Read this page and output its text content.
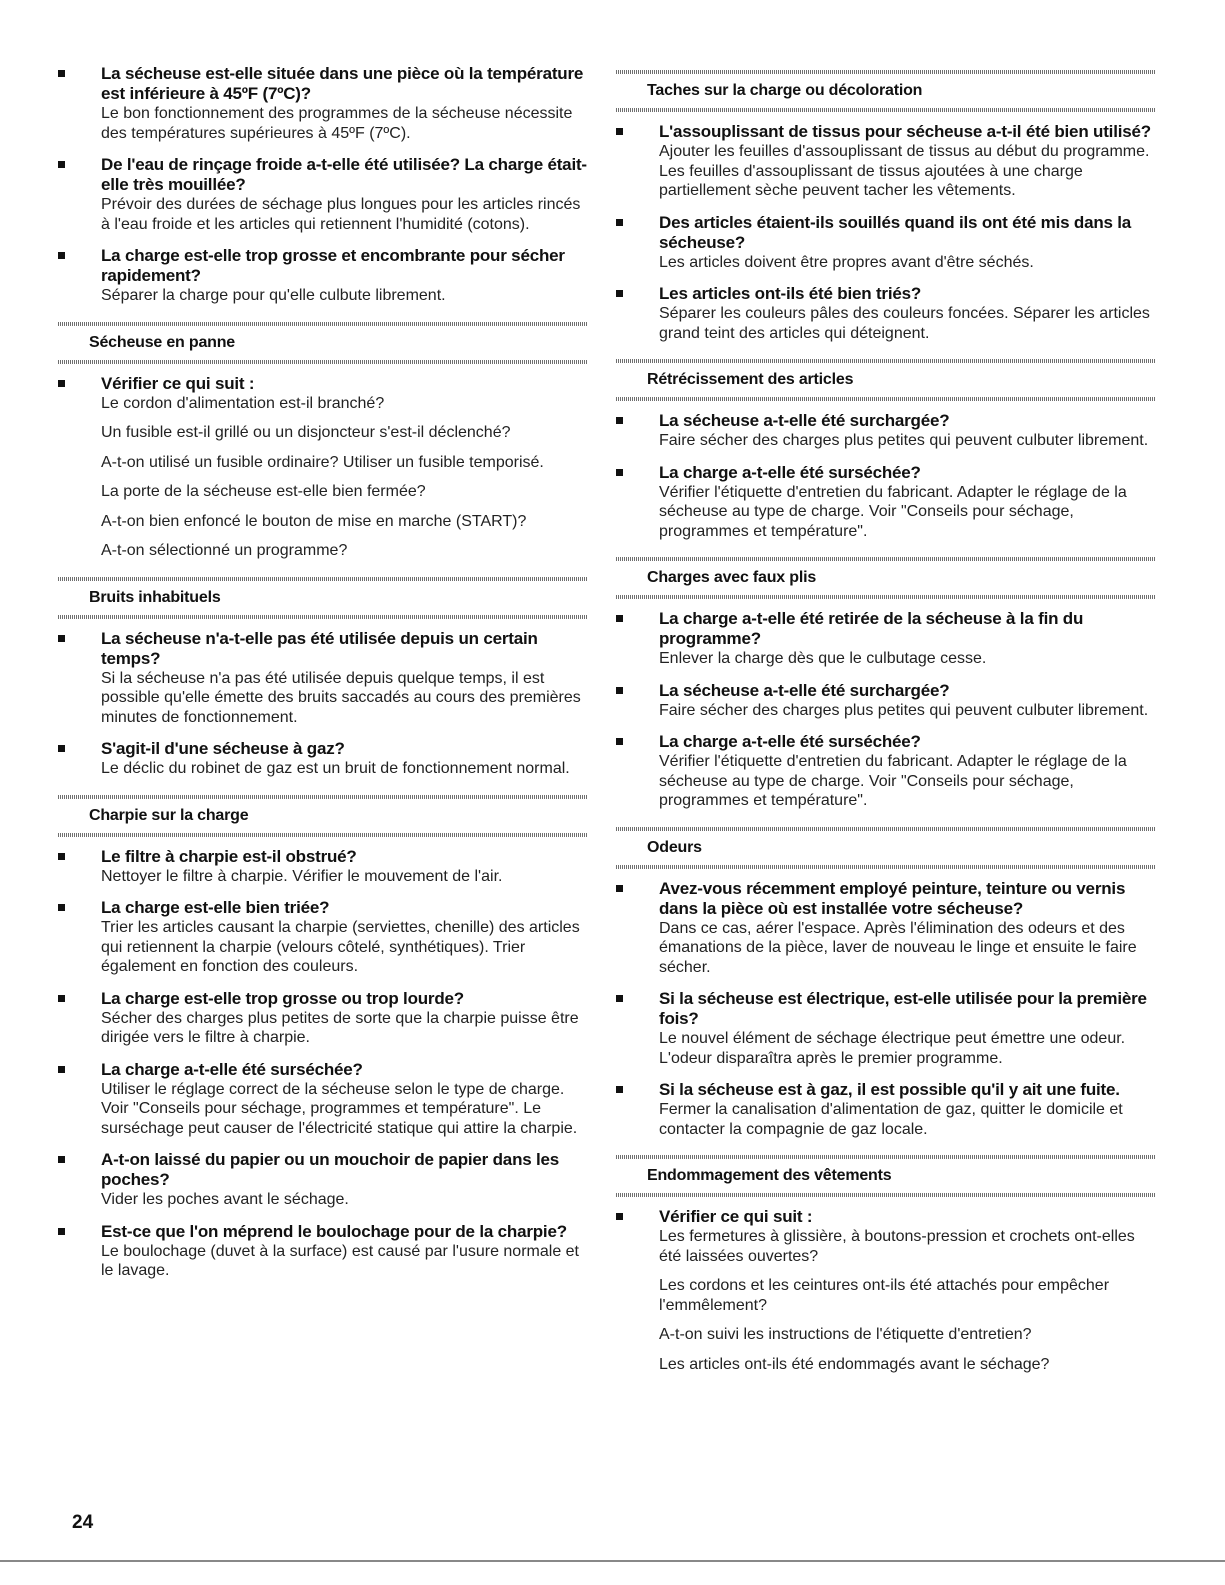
La sécheuse est-elle située dans une pièce où la température est inférieure à 45ºF (7ºC)?
Le bon fonctionnement des programmes de la sécheuse nécessite des températures supérieures à 45ºF (7ºC).
De l'eau de rinçage froide a-t-elle été utilisée? La charge était-elle très mouillée?
Prévoir des durées de séchage plus longues pour les articles rincés à l'eau froide et les articles qui retiennent l'humidité (cotons).
La charge est-elle trop grosse et encombrante pour sécher rapidement?
Séparer la charge pour qu'elle culbute librement.
Sécheuse en panne
Vérifier ce qui suit :
Le cordon d'alimentation est-il branché?
Un fusible est-il grillé ou un disjoncteur s'est-il déclenché?
A-t-on utilisé un fusible ordinaire? Utiliser un fusible temporisé.
La porte de la sécheuse est-elle bien fermée?
A-t-on bien enfoncé le bouton de mise en marche (START)?
A-t-on sélectionné un programme?
Bruits inhabituels
La sécheuse n'a-t-elle pas été utilisée depuis un certain temps?
Si la sécheuse n'a pas été utilisée depuis quelque temps, il est possible qu'elle émette des bruits saccadés au cours des premières minutes de fonctionnement.
S'agit-il d'une sécheuse à gaz?
Le déclic du robinet de gaz est un bruit de fonctionnement normal.
Charpie sur la charge
Le filtre à charpie est-il obstrué?
Nettoyer le filtre à charpie. Vérifier le mouvement de l'air.
La charge est-elle bien triée?
Trier les articles causant la charpie (serviettes, chenille) des articles qui retiennent la charpie (velours côtelé, synthétiques). Trier également en fonction des couleurs.
La charge est-elle trop grosse ou trop lourde?
Sécher des charges plus petites de sorte que la charpie puisse être dirigée vers le filtre à charpie.
La charge a-t-elle été surséchée?
Utiliser le réglage correct de la sécheuse selon le type de charge. Voir "Conseils pour séchage, programmes et température". Le surséchage peut causer de l'électricité statique qui attire la charpie.
A-t-on laissé du papier ou un mouchoir de papier dans les poches?
Vider les poches avant le séchage.
Est-ce que l'on méprend le boulochage pour de la charpie?
Le boulochage (duvet à la surface) est causé par l'usure normale et le lavage.
Taches sur la charge ou décoloration
L'assouplissant de tissus pour sécheuse a-t-il été bien utilisé?
Ajouter les feuilles d'assouplissant de tissus au début du programme. Les feuilles d'assouplissant de tissus ajoutées à une charge partiellement sèche peuvent tacher les vêtements.
Des articles étaient-ils souillés quand ils ont été mis dans la sécheuse?
Les articles doivent être propres avant d'être séchés.
Les articles ont-ils été bien triés?
Séparer les couleurs pâles des couleurs foncées. Séparer les articles grand teint des articles qui déteignent.
Rétrécissement des articles
La sécheuse a-t-elle été surchargée?
Faire sécher des charges plus petites qui peuvent culbuter librement.
La charge a-t-elle été surséchée?
Vérifier l'étiquette d'entretien du fabricant. Adapter le réglage de la sécheuse au type de charge. Voir "Conseils pour séchage, programmes et température".
Charges avec faux plis
La charge a-t-elle été retirée de la sécheuse à la fin du programme?
Enlever la charge dès que le culbutage cesse.
La sécheuse a-t-elle été surchargée?
Faire sécher des charges plus petites qui peuvent culbuter librement.
La charge a-t-elle été surséchée?
Vérifier l'étiquette d'entretien du fabricant. Adapter le réglage de la sécheuse au type de charge. Voir "Conseils pour séchage, programmes et température".
Odeurs
Avez-vous récemment employé peinture, teinture ou vernis dans la pièce où est installée votre sécheuse?
Dans ce cas, aérer l'espace. Après l'élimination des odeurs et des émanations de la pièce, laver de nouveau le linge et ensuite le faire sécher.
Si la sécheuse est électrique, est-elle utilisée pour la première fois?
Le nouvel élément de séchage électrique peut émettre une odeur. L'odeur disparaîtra après le premier programme.
Si la sécheuse est à gaz, il est possible qu'il y ait une fuite.
Fermer la canalisation d'alimentation de gaz, quitter le domicile et contacter la compagnie de gaz locale.
Endommagement des vêtements
Vérifier ce qui suit :
Les fermetures à glissière, à boutons-pression et crochets ont-elles été laissées ouvertes?
Les cordons et les ceintures ont-ils été attachés pour empêcher l'emmêlement?
A-t-on suivi les instructions de l'étiquette d'entretien?
Les articles ont-ils été endommagés avant le séchage?
24
